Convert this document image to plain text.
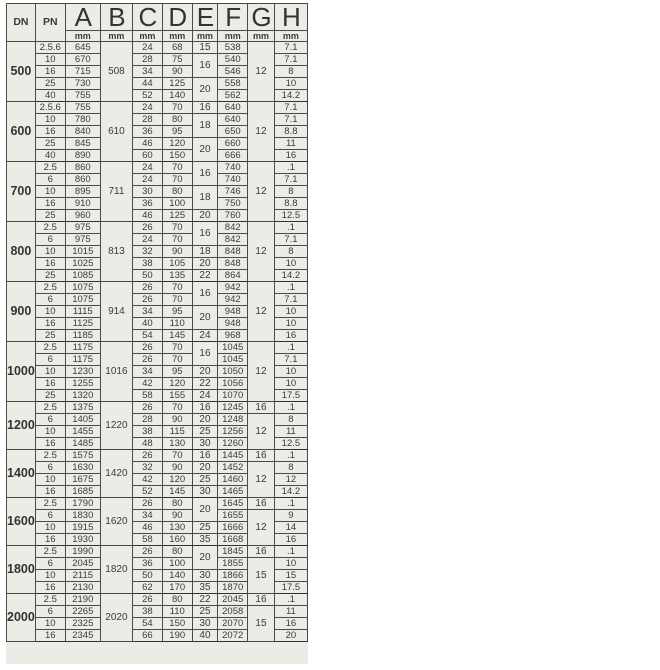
DN	PN	A	B	C	D	E	F	G	H
		mm	mm	mm	mm	mm	mm	mm	mm
500	2.5.6	645	508	24	68	15	538	12	7.1
	10	670		28	75	16	540		7.1
	16	715		34	90		546		8
	25	730		44	125	20	558		10
	40	755		52	140		562		14.2
600	2.5.6	755	610	24	70	16	640	12	7.1
	10	780		28	80	18	640		7.1
	16	840		36	95		650		8.8
	25	845		46	120	20	660		11
	40	890		60	150		666		16
700	2.5	860	711	24	70	16	740	12	.1
	6	860		24	70		740		7.1
	10	895		30	80	18	746		8
	16	910		36	100		750		8.8
	25	960		46	125	20	760		12.5
800	2.5	975	813	26	70	16	842	12	.1
	6	975		24	70		842		7.1
	10	1015		32	90	18	848		8
	16	1025		38	105	20	848		10
	25	1085		50	135	22	864		14.2
900	2.5	1075	914	26	70	16	942	12	.1
	6	1075		26	70		942		7.1
	10	1115		34	95	20	948		10
	16	1125		40	110		948		10
	25	1185		54	145	24	968		16
1000	2.5	1175	1016	26	70	16	1045	12	.1
	6	1175		26	70		1045		7.1
	10	1230		34	95	20	1050		10
	16	1255		42	120	22	1056		10
	25	1320		58	155	24	1070		17.5
1200	2.5	1375	1220	26	70	16	1245	16	.1
	6	1405		28	90	20	1248	12	8
	10	1455		38	115	25	1256		11
	16	1485		48	130	30	1260		12.5
1400	2.5	1575	1420	26	70	16	1445	16	.1
	6	1630		32	90	20	1452	12	8
	10	1675		42	120	25	1460		12
	16	1685		52	145	30	1465		14.2
1600	2.5	1790	1620	26	80	20	1645	16	.1
	6	1830		34	90		1655	12	9
	10	1915		46	130	25	1666		14
	16	1930		58	160	35	1668		16
1800	2.5	1990	1820	26	80	20	1845	16	.1
	6	2045		36	100		1855	15	10
	10	2115		50	140	30	1866		15
	16	2130		62	170	35	1870		17.5
2000	2.5	2190	2020	26	80	22	2045	16	.1
	6	2265		38	110	25	2058	15	11
	10	2325		54	150	30	2070		16
	16	2345		66	190	40	2072		20
